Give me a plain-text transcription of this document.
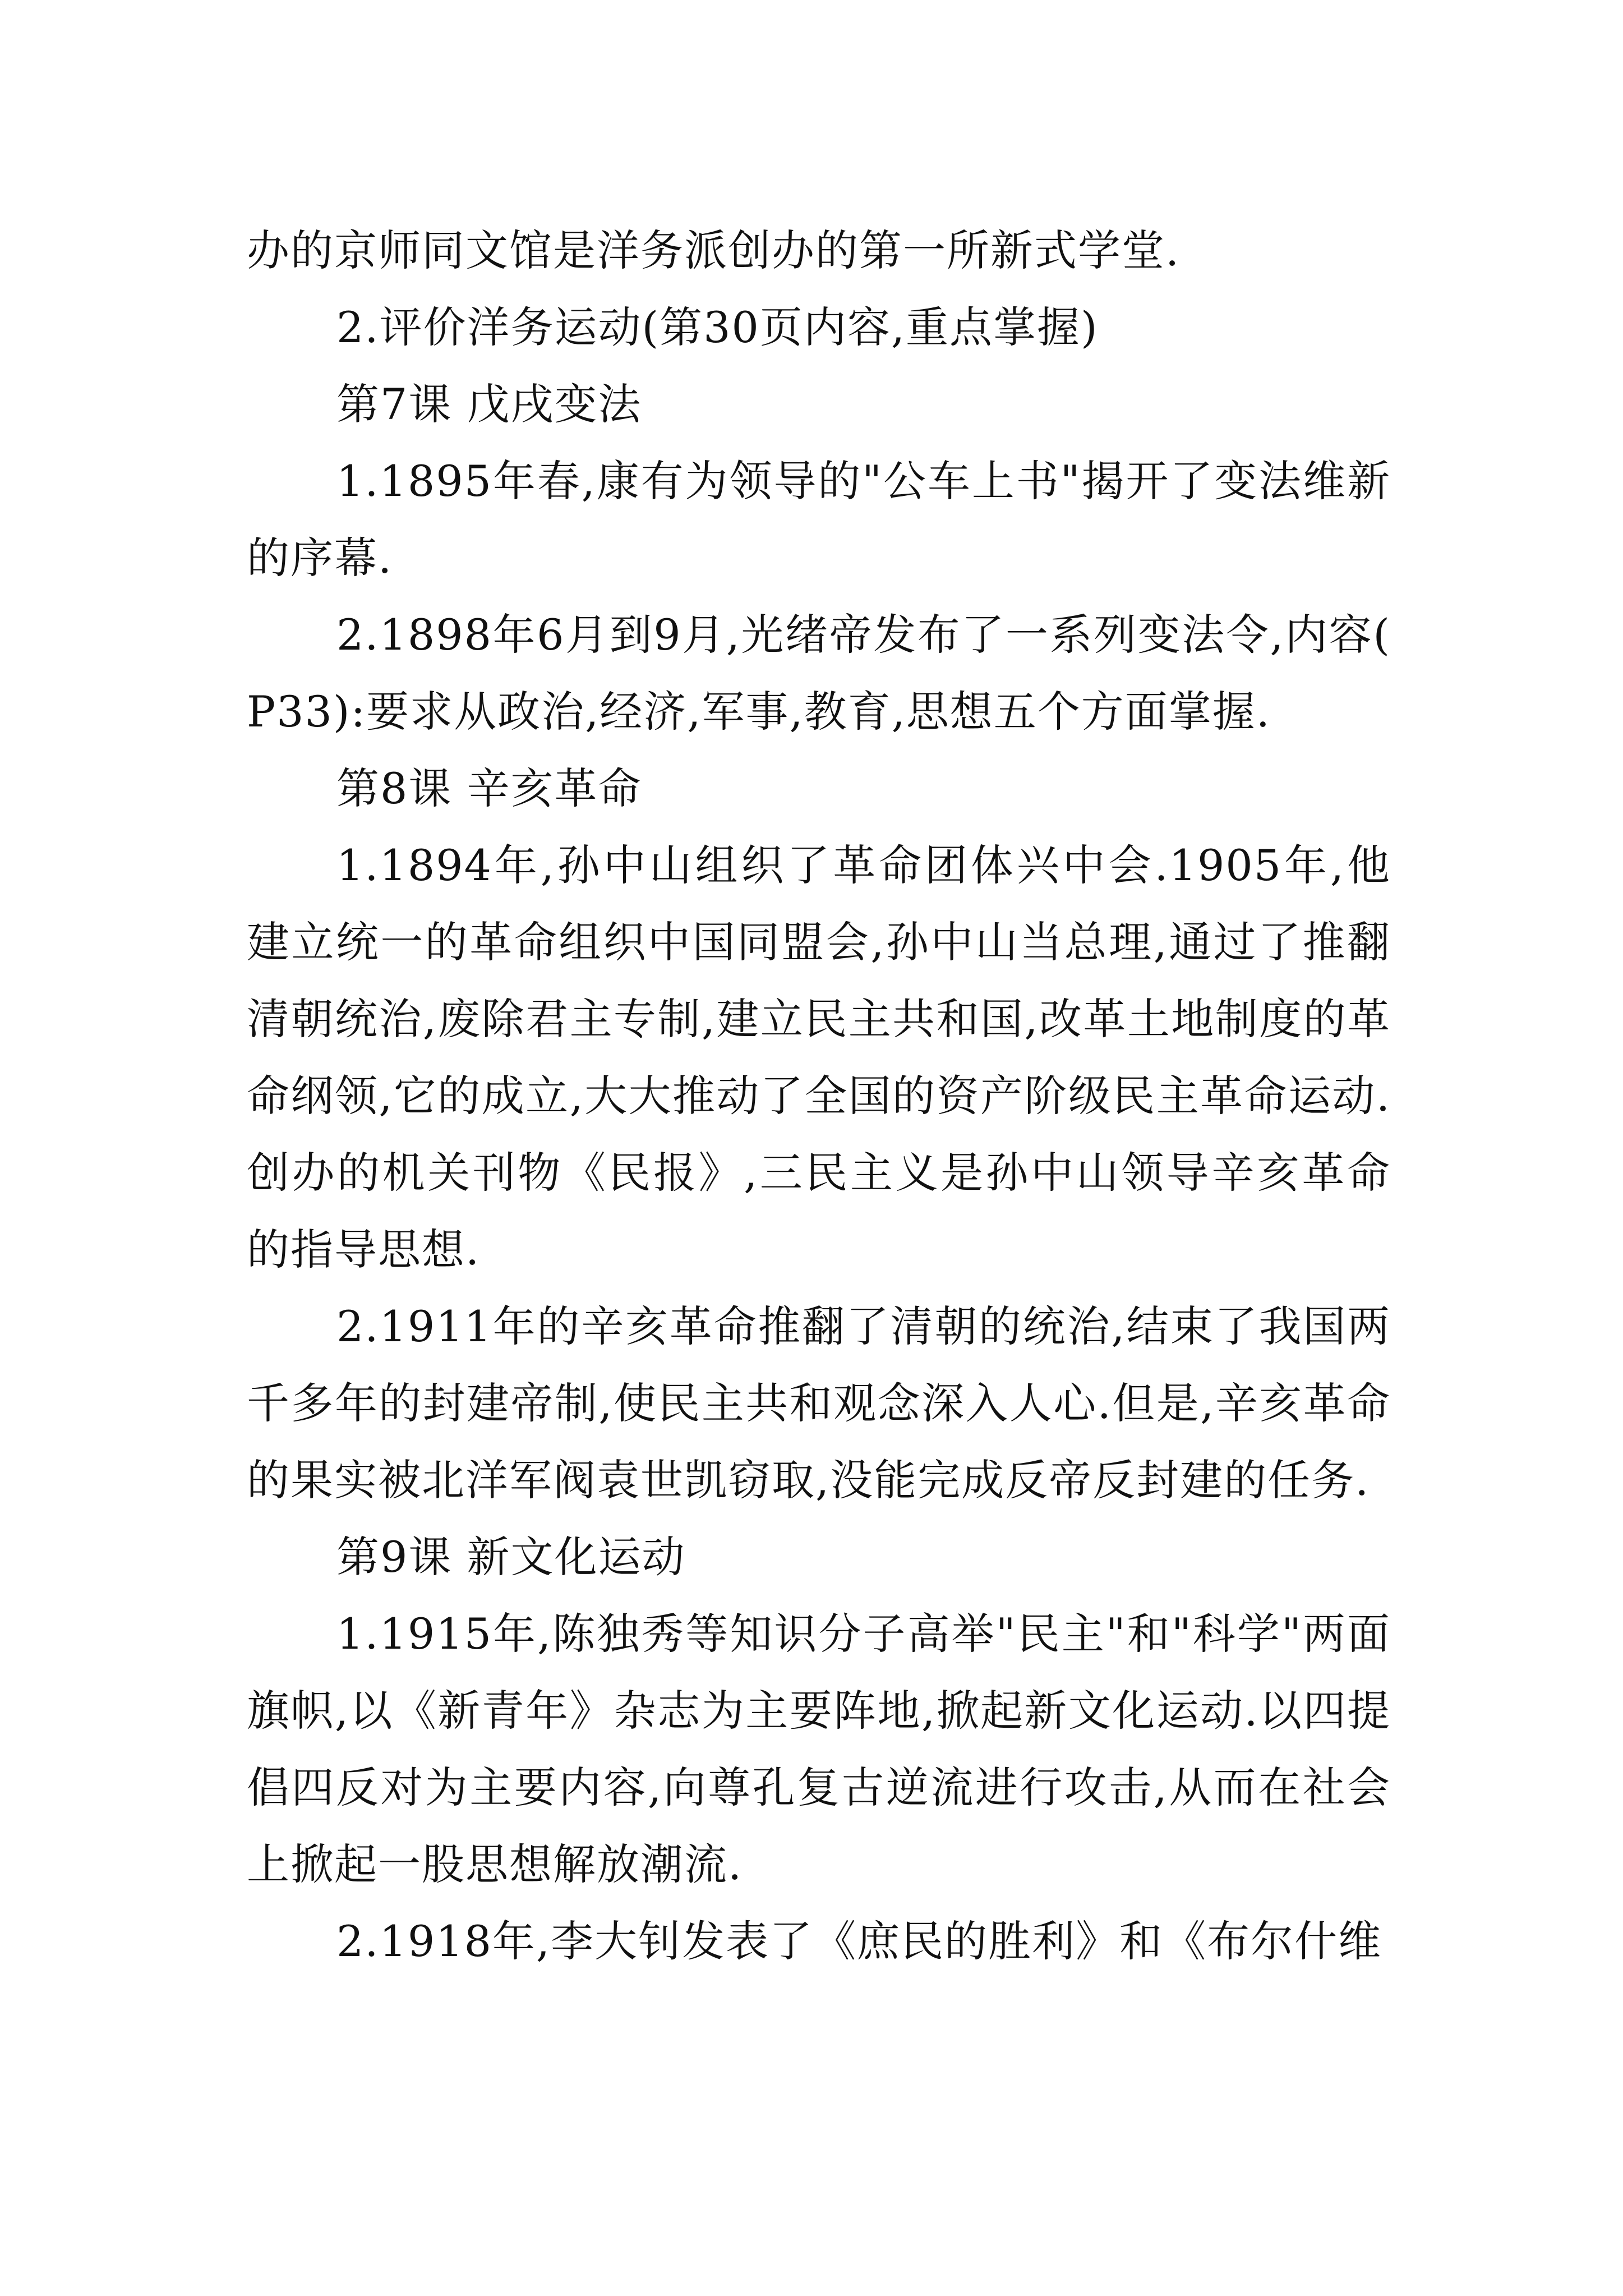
办的京师同文馆是洋务派创办的第一所新式学堂.

2.评价洋务运动(第30页内容,重点掌握)

第7课 戊戌变法

1.1895年春,康有为领导的"公车上书"揭开了变法维新的序幕.

2.1898年6月到9月,光绪帝发布了一系列变法令,内容( P33):要求从政治,经济,军事,教育,思想五个方面掌握.

第8课 辛亥革命

1.1894年,孙中山组织了革命团体兴中会.1905年,他建立统一的革命组织中国同盟会,孙中山当总理,通过了推翻清朝统治,废除君主专制,建立民主共和国,改革土地制度的革命纲领,它的成立,大大推动了全国的资产阶级民主革命运动.创办的机关刊物《民报》,三民主义是孙中山领导辛亥革命的指导思想.

2.1911年的辛亥革命推翻了清朝的统治,结束了我国两千多年的封建帝制,使民主共和观念深入人心.但是,辛亥革命的果实被北洋军阀袁世凯窃取,没能完成反帝反封建的任务.

第9课 新文化运动

1.1915年,陈独秀等知识分子高举"民主"和"科学"两面旗帜,以《新青年》杂志为主要阵地,掀起新文化运动.以四提倡四反对为主要内容,向尊孔复古逆流进行攻击,从而在社会上掀起一股思想解放潮流.

2.1918年,李大钊发表了《庶民的胜利》和《布尔什维
